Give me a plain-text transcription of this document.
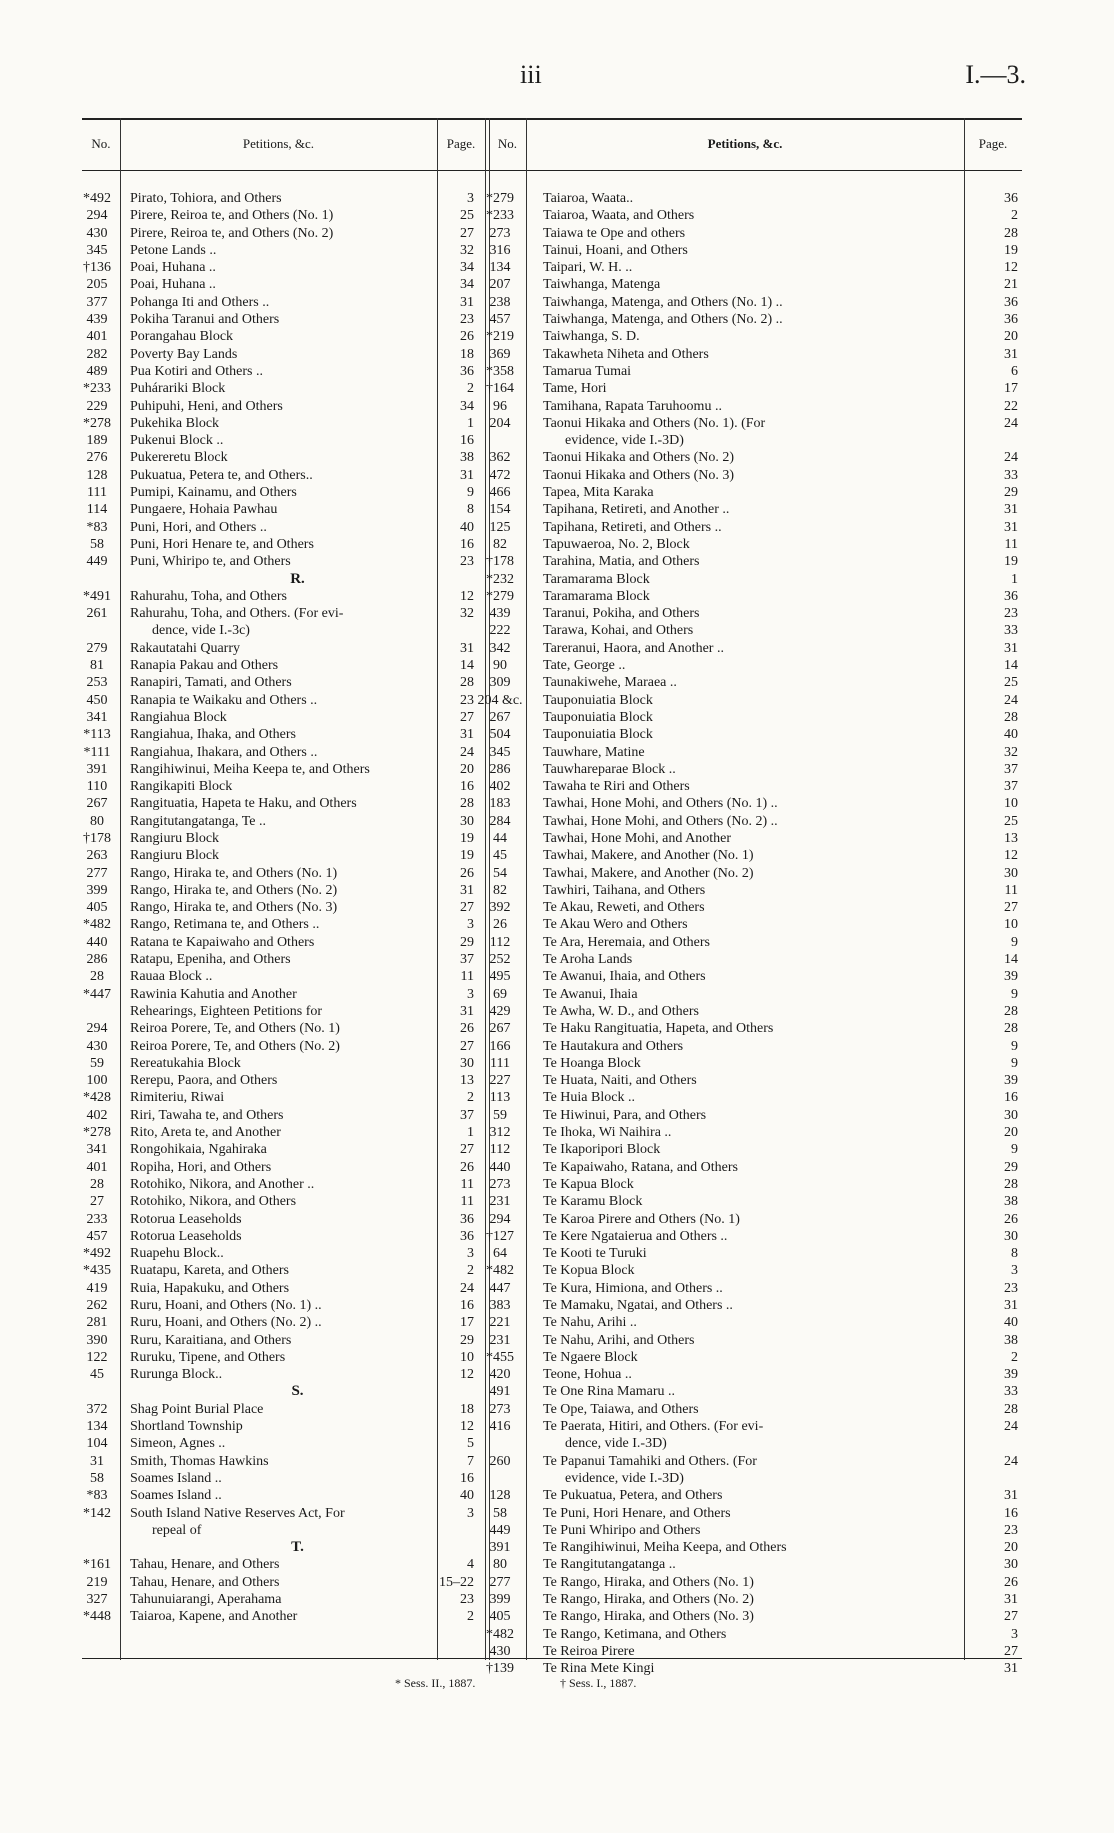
iii	I.—3.
No.	Petitions, &c.	Page.	No.	Petitions, &c.	Page.
*492	Pirato, Tohiora, and Others	3
294	Pirere, Reiroa te, and Others (No. 1)	25
430	Pirere, Reiroa te, and Others (No. 2)	27
345	Petone Lands ..	32
†136	Poai, Huhana ..	34
205	Poai, Huhana ..	34
377	Pohanga Iti and Others ..	31
439	Pokiha Taranui and Others	23
401	Porangahau Block	26
282	Poverty Bay Lands	18
489	Pua Kotiri and Others ..	36
*233	Puhárariki Block	2
229	Puhipuhi, Heni, and Others	34
*278	Pukehika Block	1
189	Pukenui Block ..	16
276	Pukereretu Block	38
128	Pukuatua, Petera te, and Others..	31
111	Pumipi, Kainamu, and Others	9
114	Pungaere, Hohaia Pawhau	8
*83	Puni, Hori, and Others ..	40
58	Puni, Hori Henare te, and Others	16
449	Puni, Whiripo te, and Others	23
R.
*491	Rahurahu, Toha, and Others	12
261	Rahurahu, Toha, and Others. (For evi-	32
dence, vide I.-3c)
279	Rakautatahi Quarry	31
81	Ranapia Pakau and Others	14
253	Ranapiri, Tamati, and Others	28
450	Ranapia te Waikaku and Others ..	23
341	Rangiahua Block	27
*113	Rangiahua, Ihaka, and Others	31
*111	Rangiahua, Ihakara, and Others ..	24
391	Rangihiwinui, Meiha Keepa te, and Others	20
110	Rangikapiti Block	16
267	Rangituatia, Hapeta te Haku, and Others	28
80	Rangitutangatanga, Te ..	30
†178	Rangiuru Block	19
263	Rangiuru Block	19
277	Rango, Hiraka te, and Others (No. 1)	26
399	Rango, Hiraka te, and Others (No. 2)	31
405	Rango, Hiraka te, and Others (No. 3)	27
*482	Rango, Retimana te, and Others ..	3
440	Ratana te Kapaiwaho and Others	29
286	Ratapu, Epeniha, and Others	37
28	Rauaa Block ..	11
*447	Rawinia Kahutia and Another	3
Rehearings, Eighteen Petitions for	31
294	Reiroa Porere, Te, and Others (No. 1)	26
430	Reiroa Porere, Te, and Others (No. 2)	27
59	Rereatukahia Block	30
100	Rerepu, Paora, and Others	13
*428	Rimiteriu, Riwai	2
402	Riri, Tawaha te, and Others	37
*278	Rito, Areta te, and Another	1
341	Rongohikaia, Ngahiraka	27
401	Ropiha, Hori, and Others	26
28	Rotohiko, Nikora, and Another ..	11
27	Rotohiko, Nikora, and Others	11
233	Rotorua Leaseholds	36
457	Rotorua Leaseholds	36
*492	Ruapehu Block..	3
*435	Ruatapu, Kareta, and Others	2
419	Ruia, Hapakuku, and Others	24
262	Ruru, Hoani, and Others (No. 1) ..	16
281	Ruru, Hoani, and Others (No. 2) ..	17
390	Ruru, Karaitiana, and Others	29
122	Ruruku, Tipene, and Others	10
45	Rurunga Block..	12
S.
372	Shag Point Burial Place	18
134	Shortland Township	12
104	Simeon, Agnes ..	5
31	Smith, Thomas Hawkins	7
58	Soames Island ..	16
*83	Soames Island ..	40
*142	South Island Native Reserves Act, For	3
repeal of
T.
*161	Tahau, Henare, and Others	4
219	Tahau, Henare, and Others	15–22
327	Tahunuiarangi, Aperahama	23
*448	Taiaroa, Kapene, and Another	2
*279	Taiaroa, Waata..	36
*233	Taiaroa, Waata, and Others	2
273	Taiawa te Ope and others	28
316	Tainui, Hoani, and Others	19
134	Taipari, W. H. ..	12
207	Taiwhanga, Matenga	21
238	Taiwhanga, Matenga, and Others (No. 1) ..	36
457	Taiwhanga, Matenga, and Others (No. 2) ..	36
*219	Taiwhanga, S. D.	20
369	Takawheta Niheta and Others	31
*358	Tamarua Tumai	6
†164	Tame, Hori	17
96	Tamihana, Rapata Taruhoomu ..	22
204	Taonui Hikaka and Others (No. 1). (For	24
evidence, vide I.-3D)
362	Taonui Hikaka and Others (No. 2)	24
472	Taonui Hikaka and Others (No. 3)	33
466	Tapea, Mita Karaka	29
154	Tapihana, Retireti, and Another ..	31
125	Tapihana, Retireti, and Others ..	31
82	Tapuwaeroa, No. 2, Block	11
†178	Tarahina, Matia, and Others	19
*232	Taramarama Block	1
*279	Taramarama Block	36
439	Taranui, Pokiha, and Others	23
222	Tarawa, Kohai, and Others	33
342	Tareranui, Haora, and Another ..	31
90	Tate, George ..	14
309	Taunakiwehe, Maraea ..	25
204 &c.	Tauponuiatia Block	24
267	Tauponuiatia Block	28
504	Tauponuiatia Block	40
345	Tauwhare, Matine	32
286	Tauwhareparae Block ..	37
402	Tawaha te Riri and Others	37
183	Tawhai, Hone Mohi, and Others (No. 1) ..	10
284	Tawhai, Hone Mohi, and Others (No. 2) ..	25
44	Tawhai, Hone Mohi, and Another	13
45	Tawhai, Makere, and Another (No. 1)	12
54	Tawhai, Makere, and Another (No. 2)	30
82	Tawhiri, Taihana, and Others	11
392	Te Akau, Reweti, and Others	27
26	Te Akau Wero and Others	10
112	Te Ara, Heremaia, and Others	9
252	Te Aroha Lands	14
495	Te Awanui, Ihaia, and Others	39
69	Te Awanui, Ihaia	9
429	Te Awha, W. D., and Others	28
267	Te Haku Rangituatia, Hapeta, and Others	28
166	Te Hautakura and Others	9
111	Te Hoanga Block	9
227	Te Huata, Naiti, and Others	39
113	Te Huia Block ..	16
59	Te Hiwinui, Para, and Others	30
312	Te Ihoka, Wi Naihira ..	20
112	Te Ikaporipori Block	9
440	Te Kapaiwaho, Ratana, and Others	29
273	Te Kapua Block	28
231	Te Karamu Block	38
294	Te Karoa Pirere and Others (No. 1)	26
†127	Te Kere Ngataierua and Others ..	30
64	Te Kooti te Turuki	8
*482	Te Kopua Block	3
447	Te Kura, Himiona, and Others ..	23
383	Te Mamaku, Ngatai, and Others ..	31
221	Te Nahu, Arihi ..	40
231	Te Nahu, Arihi, and Others	38
*455	Te Ngaere Block	2
420	Teone, Hohua ..	39
491	Te One Rina Mamaru ..	33
273	Te Ope, Taiawa, and Others	28
416	Te Paerata, Hitiri, and Others. (For evi-	24
dence, vide I.-3D)
260	Te Papanui Tamahiki and Others. (For	24
evidence, vide I.-3D)
128	Te Pukuatua, Petera, and Others	31
58	Te Puni, Hori Henare, and Others	16
449	Te Puni Whiripo and Others	23
391	Te Rangihiwinui, Meiha Keepa, and Others	20
80	Te Rangitutangatanga ..	30
277	Te Rango, Hiraka, and Others (No. 1)	26
399	Te Rango, Hiraka, and Others (No. 2)	31
405	Te Rango, Hiraka, and Others (No. 3)	27
*482	Te Rango, Ketimana, and Others	3
430	Te Reiroa Pirere	27
†139	Te Rina Mete Kingi	31
* Sess. II., 1887.	† Sess. I., 1887.
